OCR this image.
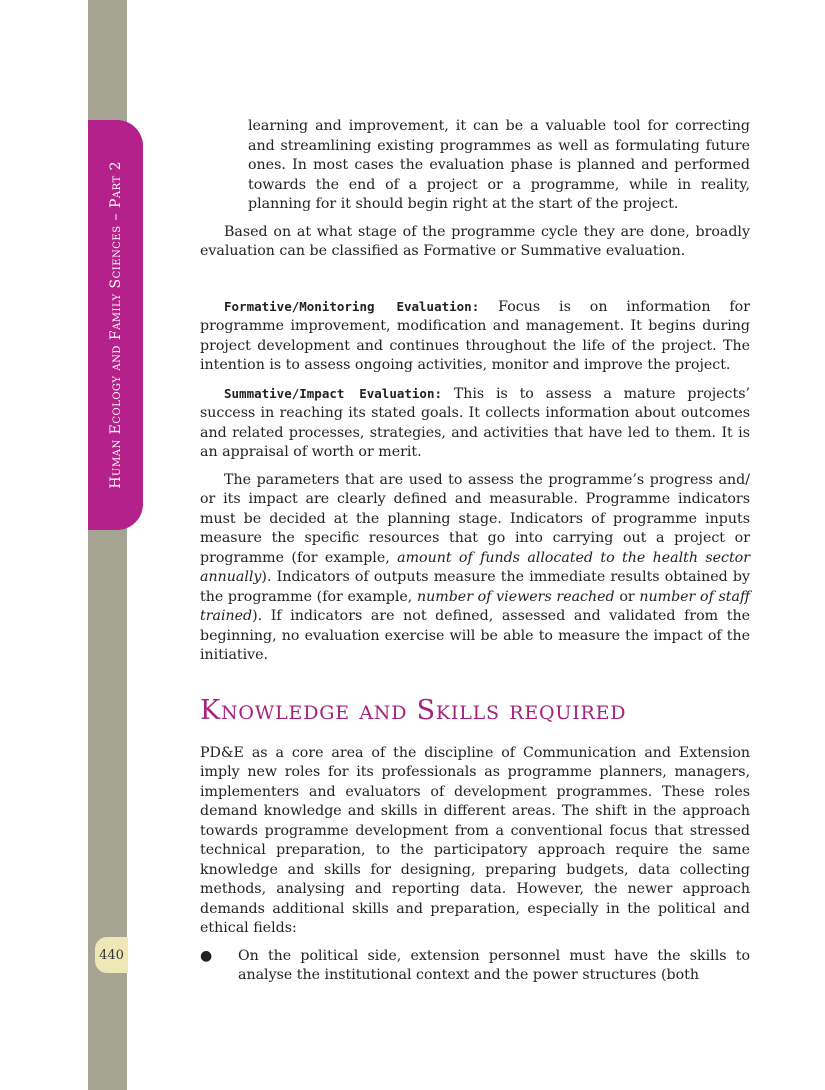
Human Ecology and Family Sciences – Part 2
440

learning and improvement, it can be a valuable tool for correcting and streamlining existing programmes as well as formulating future ones. In most cases the evaluation phase is planned and performed towards the end of a project or a programme, while in reality, planning for it should begin right at the start of the project.

Based on at what stage of the programme cycle they are done, broadly evaluation can be classified as Formative or Summative evaluation.

Formative/Monitoring Evaluation: Focus is on information for programme improvement, modification and management. It begins during project development and continues throughout the life of the project. The intention is to assess ongoing activities, monitor and improve the project.

Summative/Impact Evaluation: This is to assess a mature projects’ success in reaching its stated goals. It collects information about outcomes and related processes, strategies, and activities that have led to them. It is an appraisal of worth or merit.

The parameters that are used to assess the programme’s progress and/ or its impact are clearly defined and measurable. Programme indicators must be decided at the planning stage. Indicators of programme inputs measure the specific resources that go into carrying out a project or programme (for example, amount of funds allocated to the health sector annually). Indicators of outputs measure the immediate results obtained by the programme (for example, number of viewers reached or number of staff trained). If indicators are not defined, assessed and validated from the beginning, no evaluation exercise will be able to measure the impact of the initiative.

Knowledge and Skills required

PD&E as a core area of the discipline of Communication and Extension imply new roles for its professionals as programme planners, managers, implementers and evaluators of development programmes. These roles demand knowledge and skills in different areas. The shift in the approach towards programme development from a conventional focus that stressed technical preparation, to the participatory approach require the same knowledge and skills for designing, preparing budgets, data collecting methods, analysing and reporting data. However, the newer approach demands additional skills and preparation, especially in the political and ethical fields:

●	On the political side, extension personnel must have the skills to analyse the institutional context and the power structures (both
